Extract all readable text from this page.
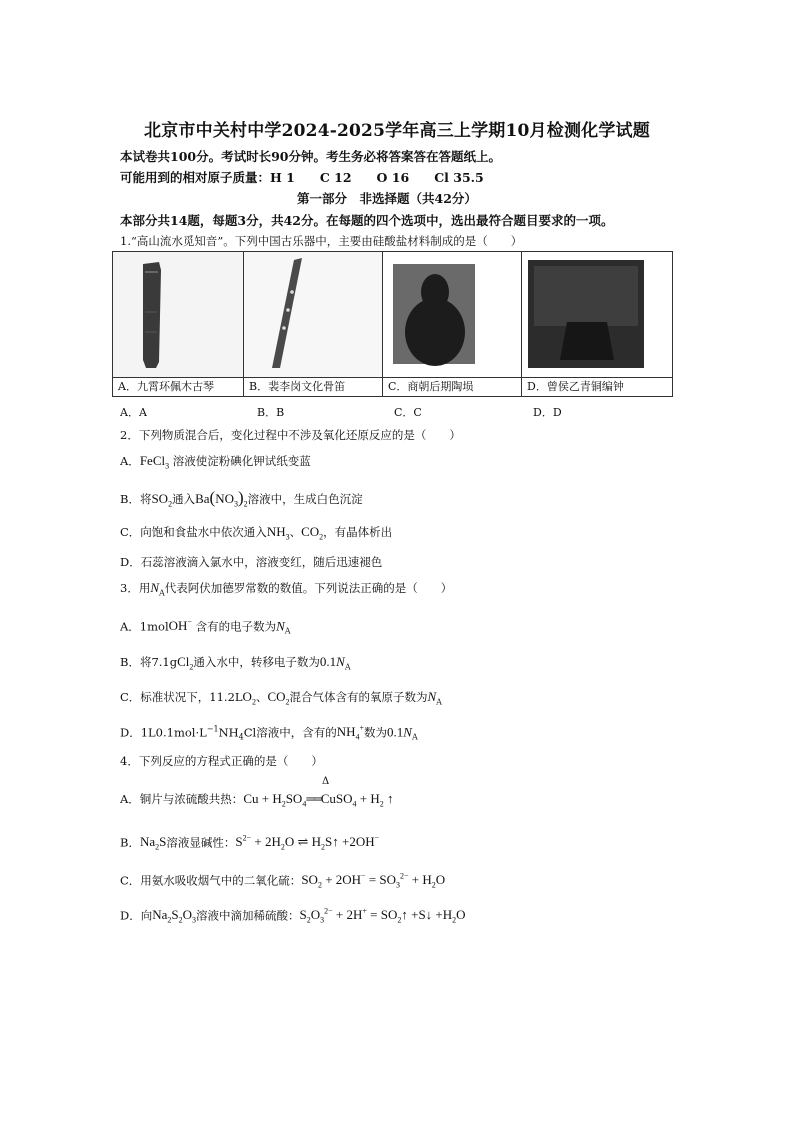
北京市中关村中学2024-2025学年高三上学期10月检测化学试题
本试卷共100分。考试时长90分钟。考生务必将答案答在答题纸上。
可能用到的相对原子质量：H 1　　C 12　　O 16　　Cl 35.5
第一部分　非选择题（共42分）
本部分共14题，每题3分，共42分。在每题的四个选项中，选出最符合题目要求的一项。
1.“高山流水觅知音”。下列中国古乐器中，主要由硅酸盐材料制成的是（　　）
A．九霄环佩木古琴	B．裴李岗文化骨笛	C．商朝后期陶埙	D．曾侯乙青铜编钟
A．A	B．B	C．C	D．D
2．下列物质混合后，变化过程中不涉及氧化还原反应的是（　　）
A．FeCl$_3$ 溶液使淀粉碘化钾试纸变蓝
B．将$SO_2$通入$Ba(NO_3)_2$溶液中，生成白色沉淀
C．向饱和食盐水中依次通入$NH_3$、$CO_2$，有晶体析出
D．石蕊溶液滴入氯水中，溶液变红，随后迅速褪色
3．用$N_A$代表阿伏加德罗常数的数值。下列说法正确的是（　　）
A．1molOH− 含有的电子数为$N_A$
B．将7.1gCl$_2$通入水中，转移电子数为$0.1N_A$
C．标准状况下，$11.2LO_2$、$CO_2$混合气体含有的氧原子数为$N_A$
D．$1L0.1mol\cdot L^{-1}NH_4Cl$溶液中，含有的$NH_4^+$数为$0.1N_A$
4．下列反应的方程式正确的是（　　）
Δ
A．铜片与浓硫酸共热：$Cu + H_2SO_4══CuSO_4 + H_2$ ↑
B．$Na_2S$溶液显碱性：$S^{2-} + 2H_2O$ ⇌ $H_2S↑ +2OH^-$
C．用氨水吸收烟气中的二氧化硫：$SO_2 + 2OH^- = SO_3^{2-} + H_2O$
D．向$Na_2S_2O_3$溶液中滴加稀硫酸：$S_2O_3^{2-} + 2H^+$ = $SO_2↑$ +S↓ $+H_2O$
